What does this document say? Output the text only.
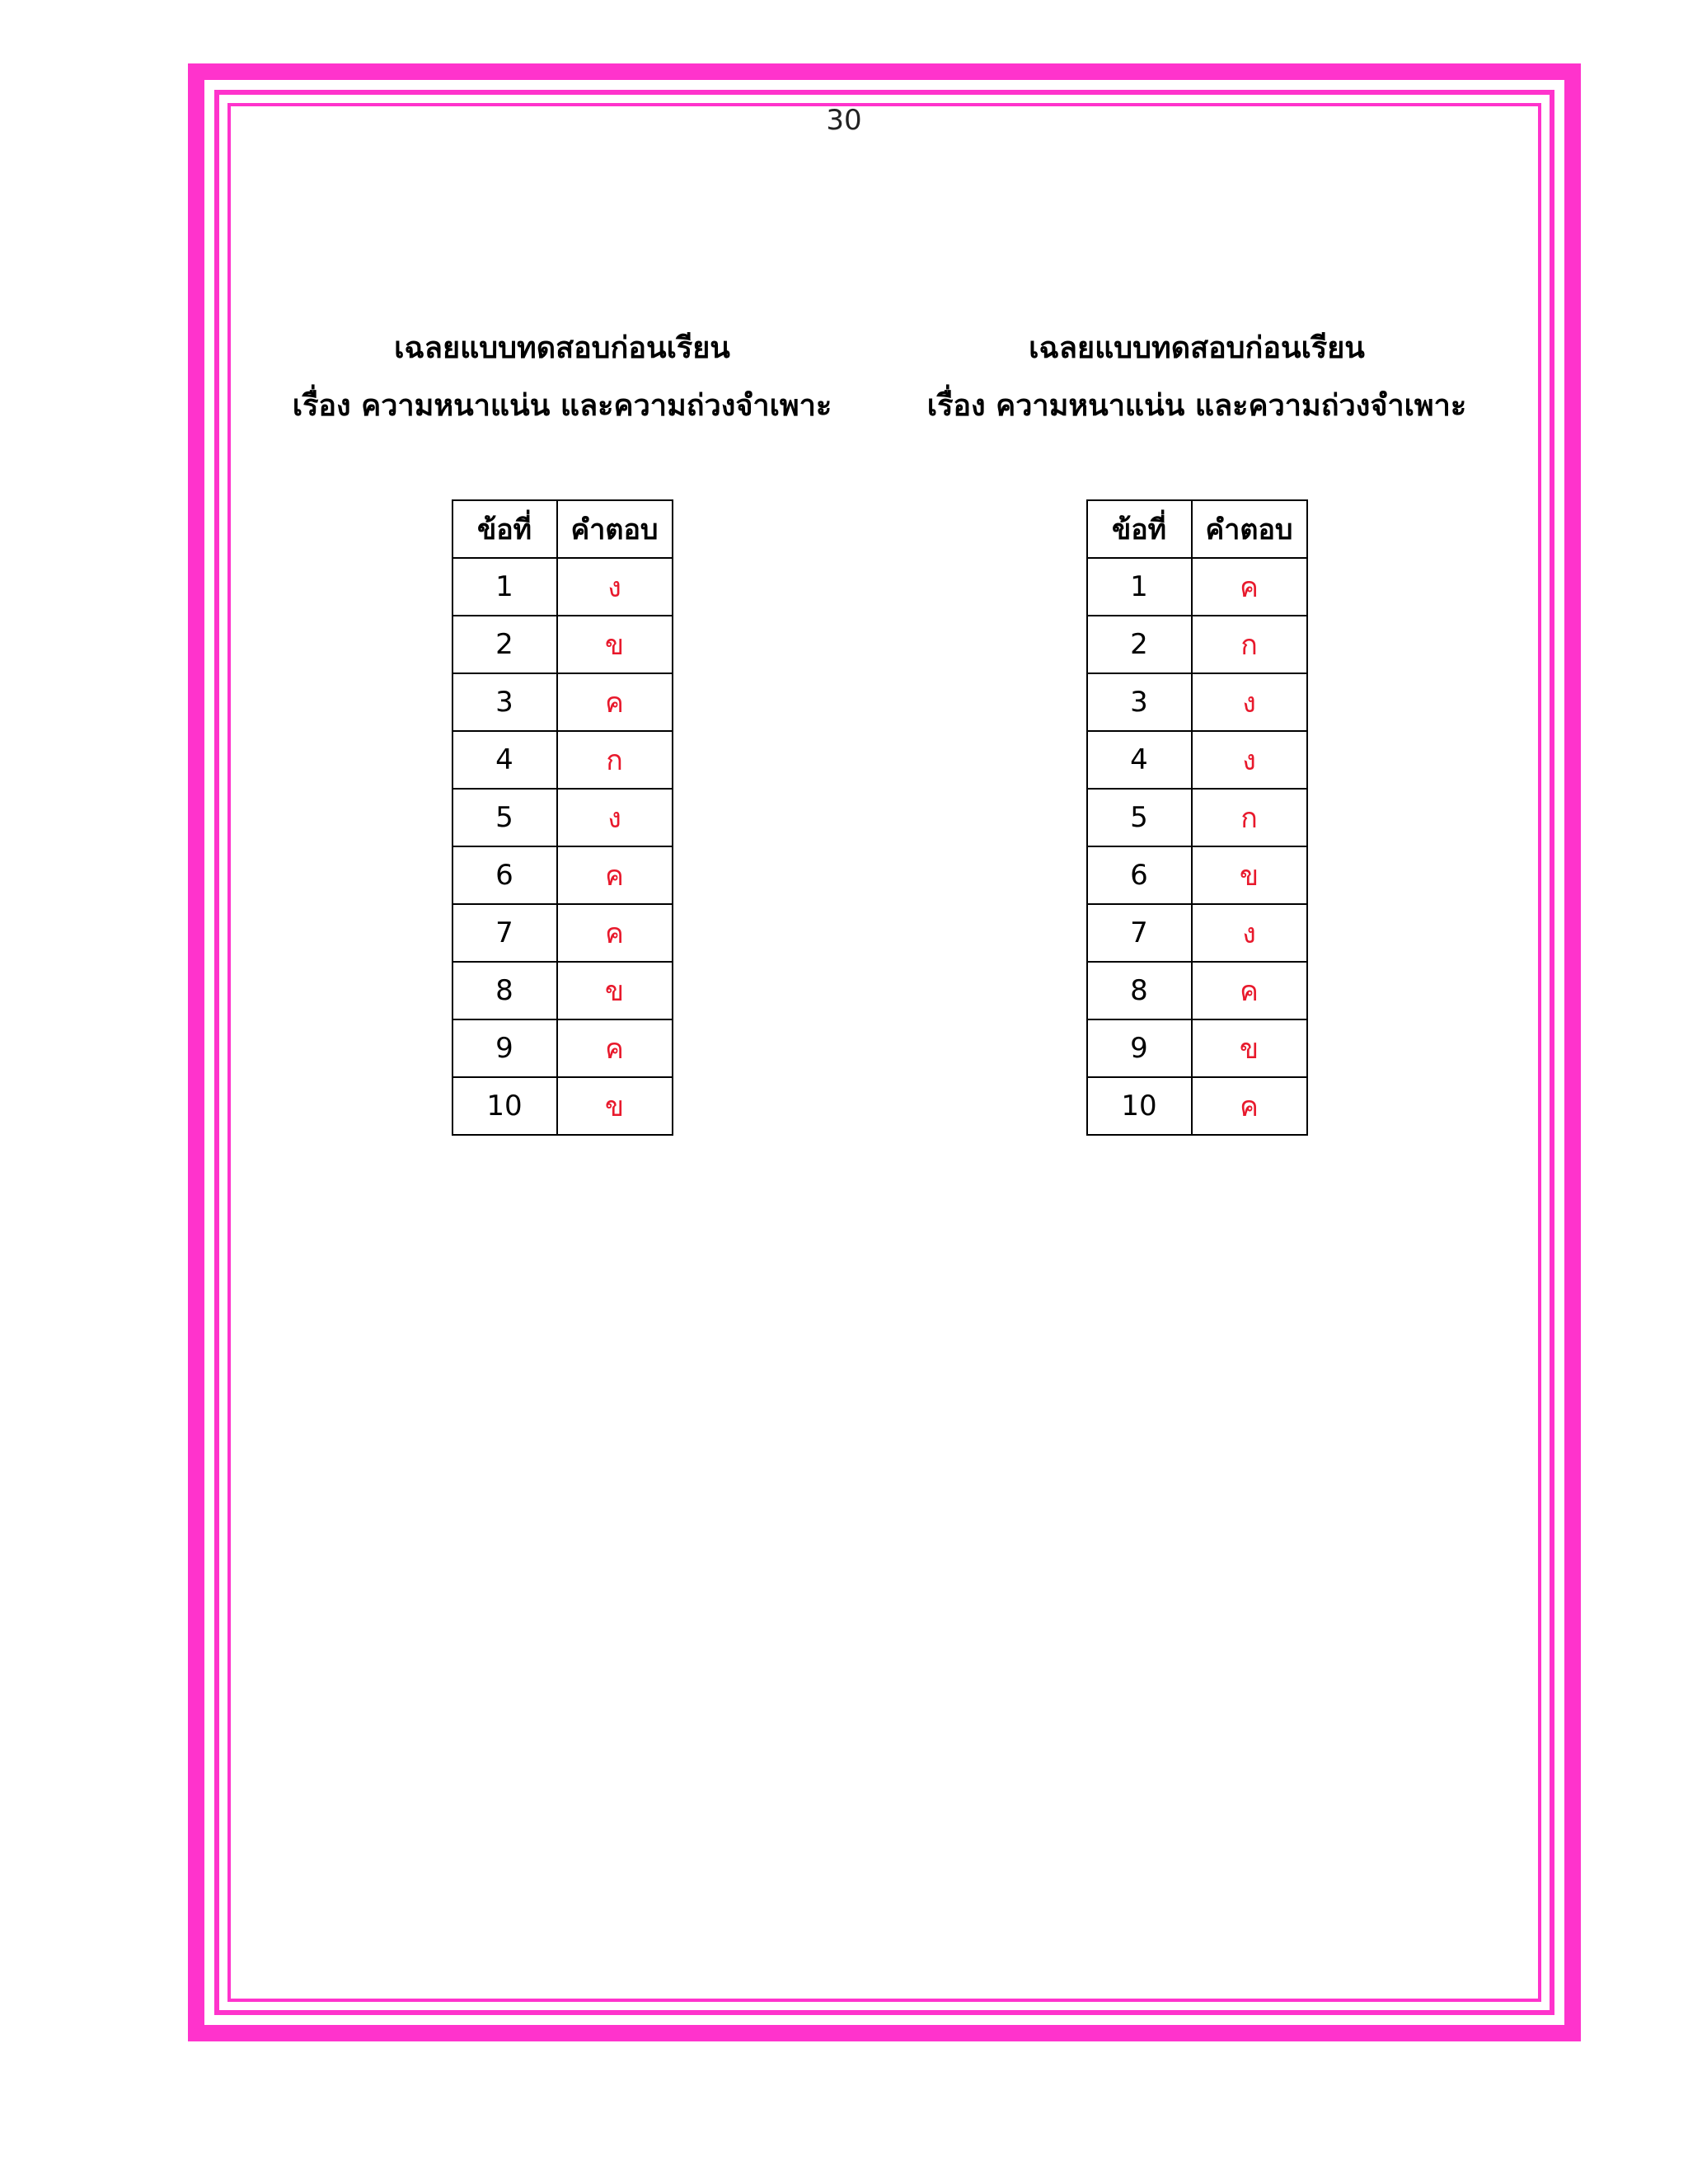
30
เฉลยแบบทดสอบก่อนเรียน
เรื่อง ความหนาแน่น และความถ่วงจำเพาะ
ข้อที่	คำตอบ
1	ง
2	ข
3	ค
4	ก
5	ง
6	ค
7	ค
8	ข
9	ค
10	ข
เฉลยแบบทดสอบก่อนเรียน
เรื่อง ความหนาแน่น และความถ่วงจำเพาะ
ข้อที่	คำตอบ
1	ค
2	ก
3	ง
4	ง
5	ก
6	ข
7	ง
8	ค
9	ข
10	ค
